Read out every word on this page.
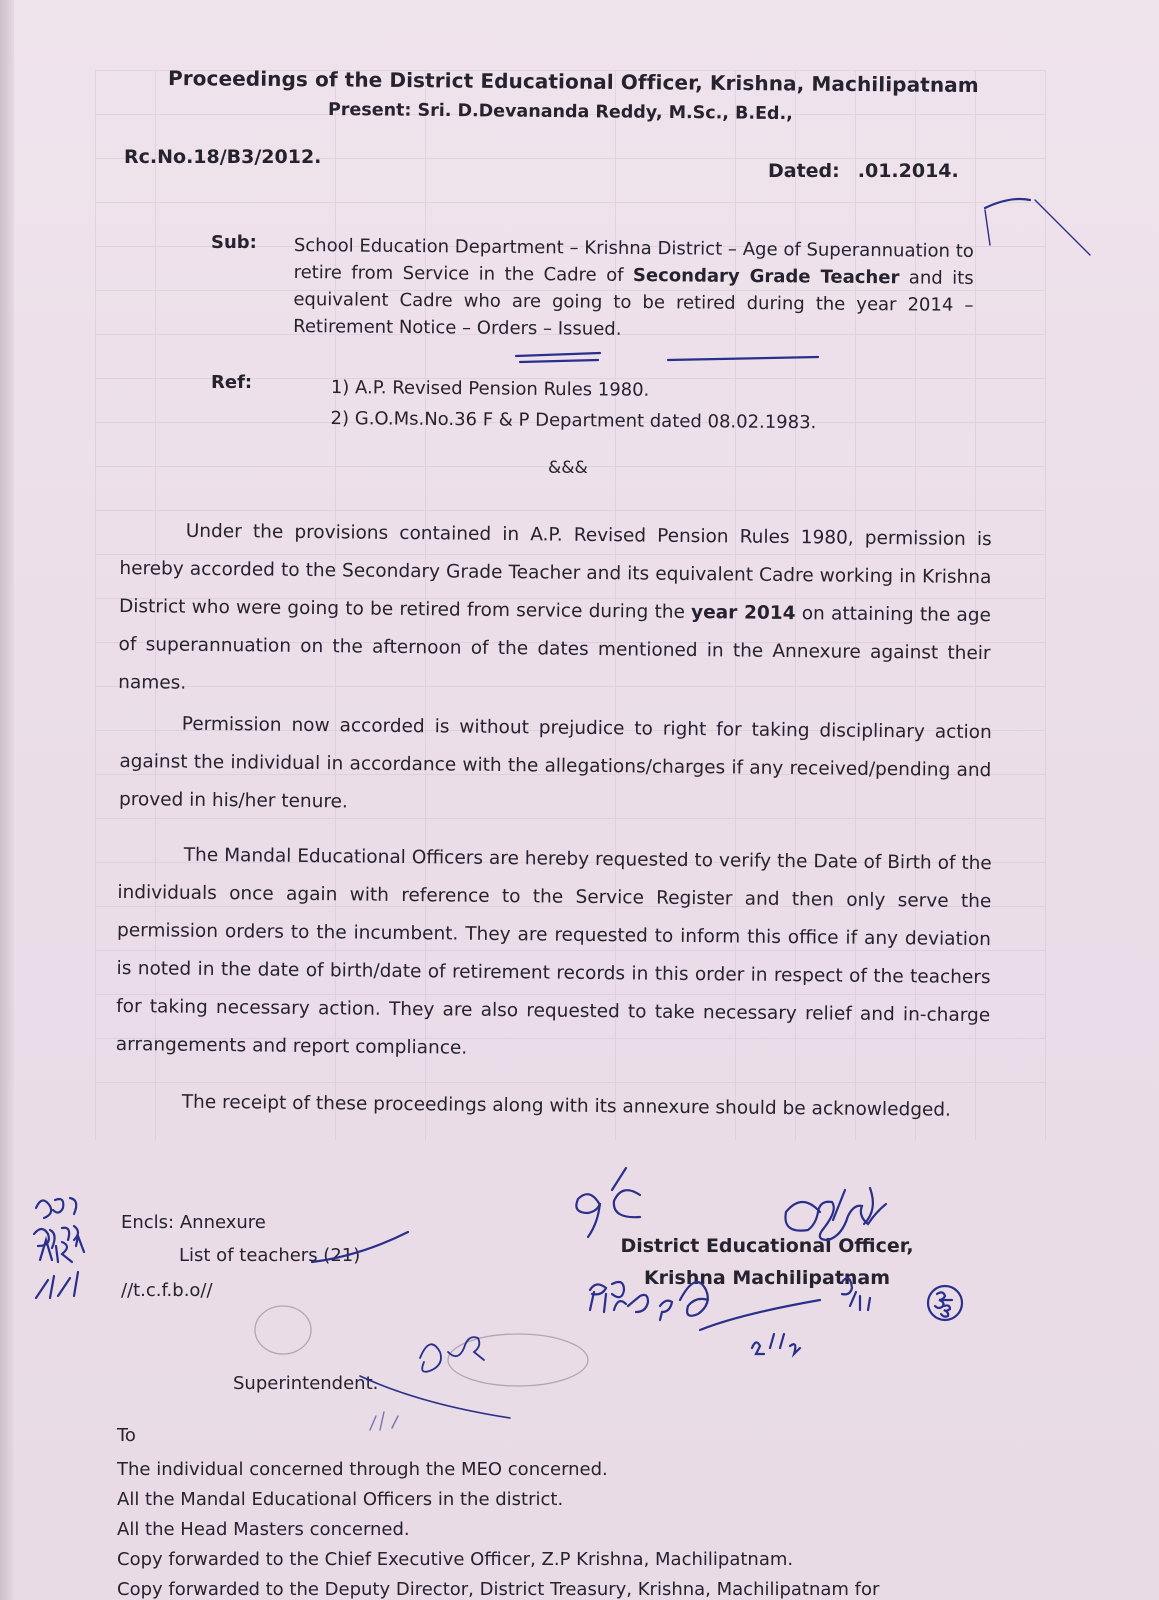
Proceedings of the District Educational Officer, Krishna, Machilipatnam
Present: Sri. D.Devananda Reddy, M.Sc., B.Ed.,
Rc.No.18/B3/2012.
Dated: .01.2014.
Sub: School Education Department – Krishna District – Age of Superannuation to retire from Service in the Cadre of Secondary Grade Teacher and its equivalent Cadre who are going to be retired during the year 2014 – Retirement Notice – Orders – Issued.
Ref:	1) A.P. Revised Pension Rules 1980.
2) G.O.Ms.No.36 F & P Department dated 08.02.1983.
&&&
Under the provisions contained in A.P. Revised Pension Rules 1980, permission is hereby accorded to the Secondary Grade Teacher and its equivalent Cadre working in Krishna District who were going to be retired from service during the year 2014 on attaining the age of superannuation on the afternoon of the dates mentioned in the Annexure against their names.
Permission now accorded is without prejudice to right for taking disciplinary action against the individual in accordance with the allegations/charges if any received/pending and proved in his/her tenure.
The Mandal Educational Officers are hereby requested to verify the Date of Birth of the individuals once again with reference to the Service Register and then only serve the permission orders to the incumbent. They are requested to inform this office if any deviation is noted in the date of birth/date of retirement records in this order in respect of the teachers for taking necessary action. They are also requested to take necessary relief and in-charge arrangements and report compliance.
The receipt of these proceedings along with its annexure should be acknowledged.
Encls: Annexure
List of teachers (21)
//t.c.f.b.o//
District Educational Officer,
Krishna Machilipatnam
Superintendent.
To
The individual concerned through the MEO concerned.
All the Mandal Educational Officers in the district.
All the Head Masters concerned.
Copy forwarded to the Chief Executive Officer, Z.P Krishna, Machilipatnam.
Copy forwarded to the Deputy Director, District Treasury, Krishna, Machilipatnam for
